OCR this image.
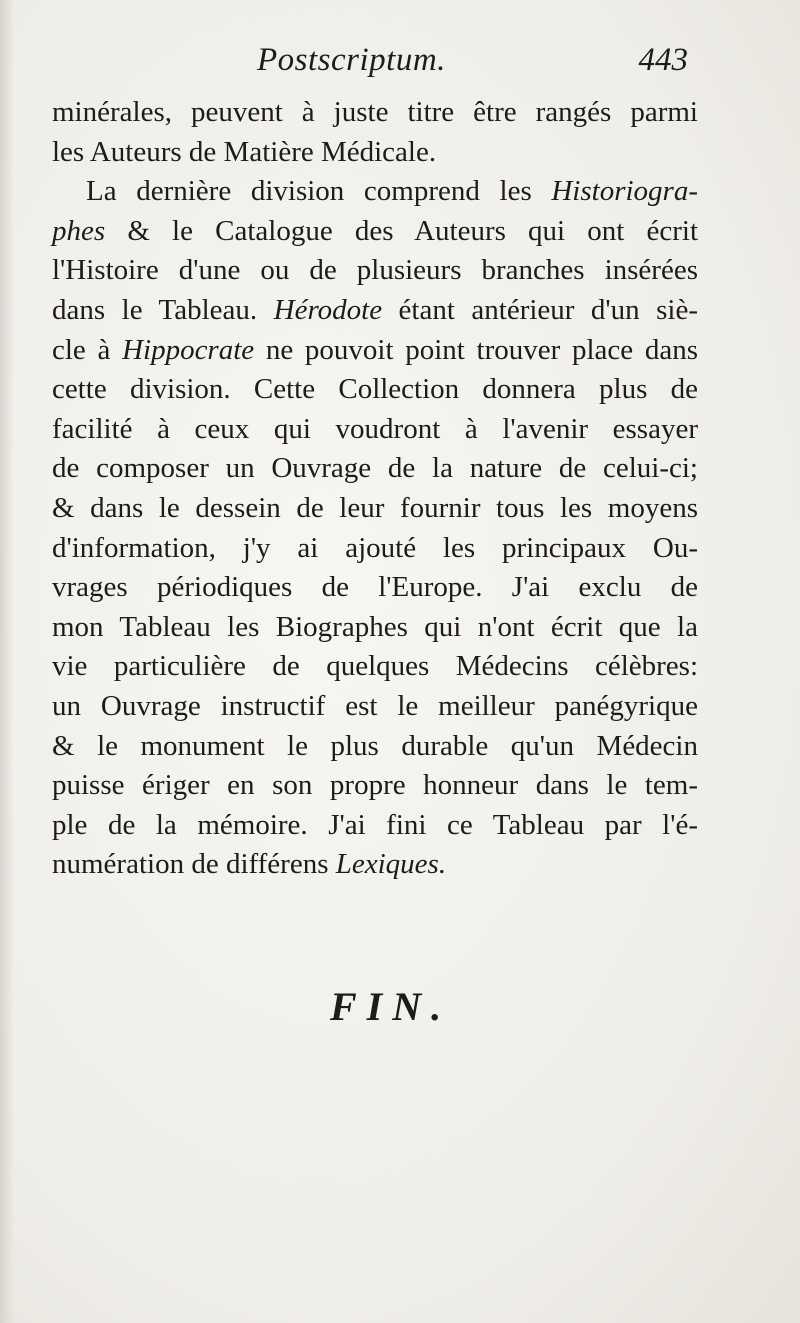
Postscriptum.	443
minérales, peuvent à juste titre être rangés parmi
les Auteurs de Matière Médicale.
La dernière division comprend les Historiogra-
phes & le Catalogue des Auteurs qui ont écrit
l'Histoire d'une ou de plusieurs branches insérées
dans le Tableau. Hérodote étant antérieur d'un siè-
cle à Hippocrate ne pouvoit point trouver place dans
cette division. Cette Collection donnera plus de
facilité à ceux qui voudront à l'avenir essayer
de composer un Ouvrage de la nature de celui-ci;
& dans le dessein de leur fournir tous les moyens
d'information, j'y ai ajouté les principaux Ou-
vrages périodiques de l'Europe. J'ai exclu de
mon Tableau les Biographes qui n'ont écrit que la
vie particulière de quelques Médecins célèbres:
un Ouvrage instructif est le meilleur panégyrique
& le monument le plus durable qu'un Médecin
puisse ériger en son propre honneur dans le tem-
ple de la mémoire. J'ai fini ce Tableau par l'é-
numération de différens Lexiques.
FIN.
